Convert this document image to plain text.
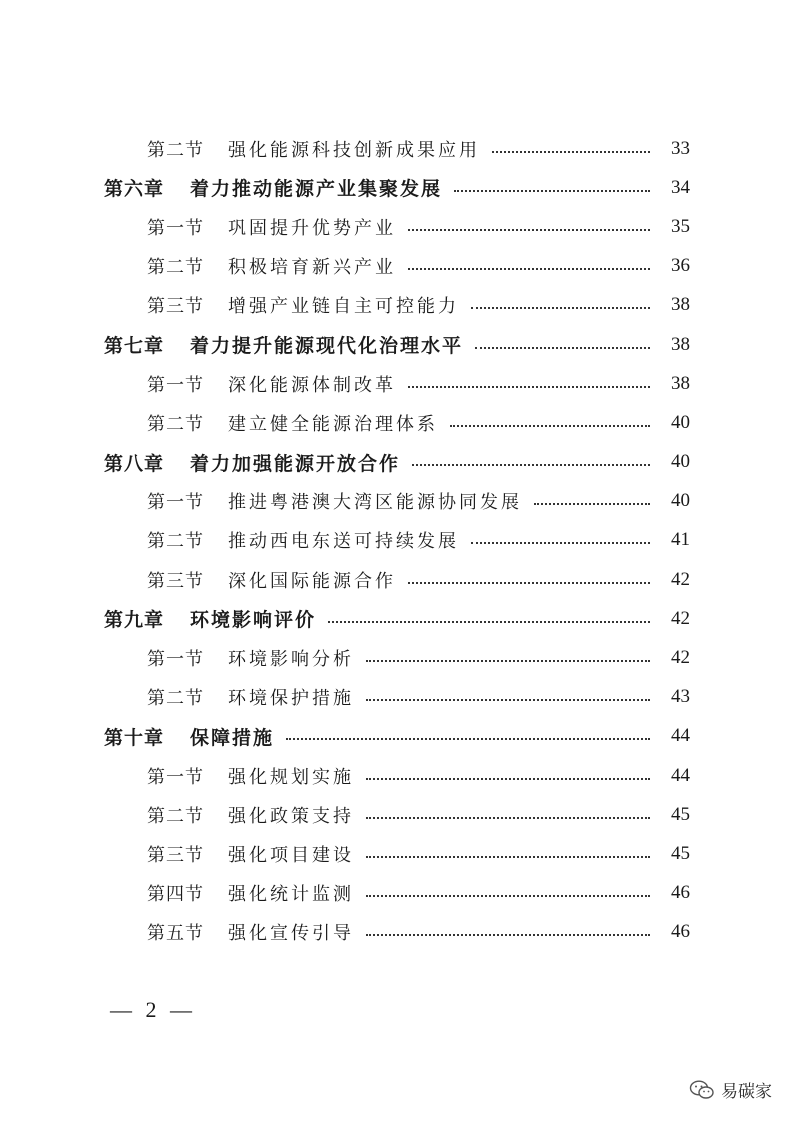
第二节 强化能源科技创新成果应用	33
第六章 着力推动能源产业集聚发展	34
第一节 巩固提升优势产业	35
第二节 积极培育新兴产业	36
第三节 增强产业链自主可控能力	38
第七章 着力提升能源现代化治理水平	38
第一节 深化能源体制改革	38
第二节 建立健全能源治理体系	40
第八章 着力加强能源开放合作	40
第一节 推进粤港澳大湾区能源协同发展	40
第二节 推动西电东送可持续发展	41
第三节 深化国际能源合作	42
第九章 环境影响评价	42
第一节 环境影响分析	42
第二节 环境保护措施	43
第十章 保障措施	44
第一节 强化规划实施	44
第二节 强化政策支持	45
第三节 强化项目建设	45
第四节 强化统计监测	46
第五节 强化宣传引导	46
— 2 —
易碳家
